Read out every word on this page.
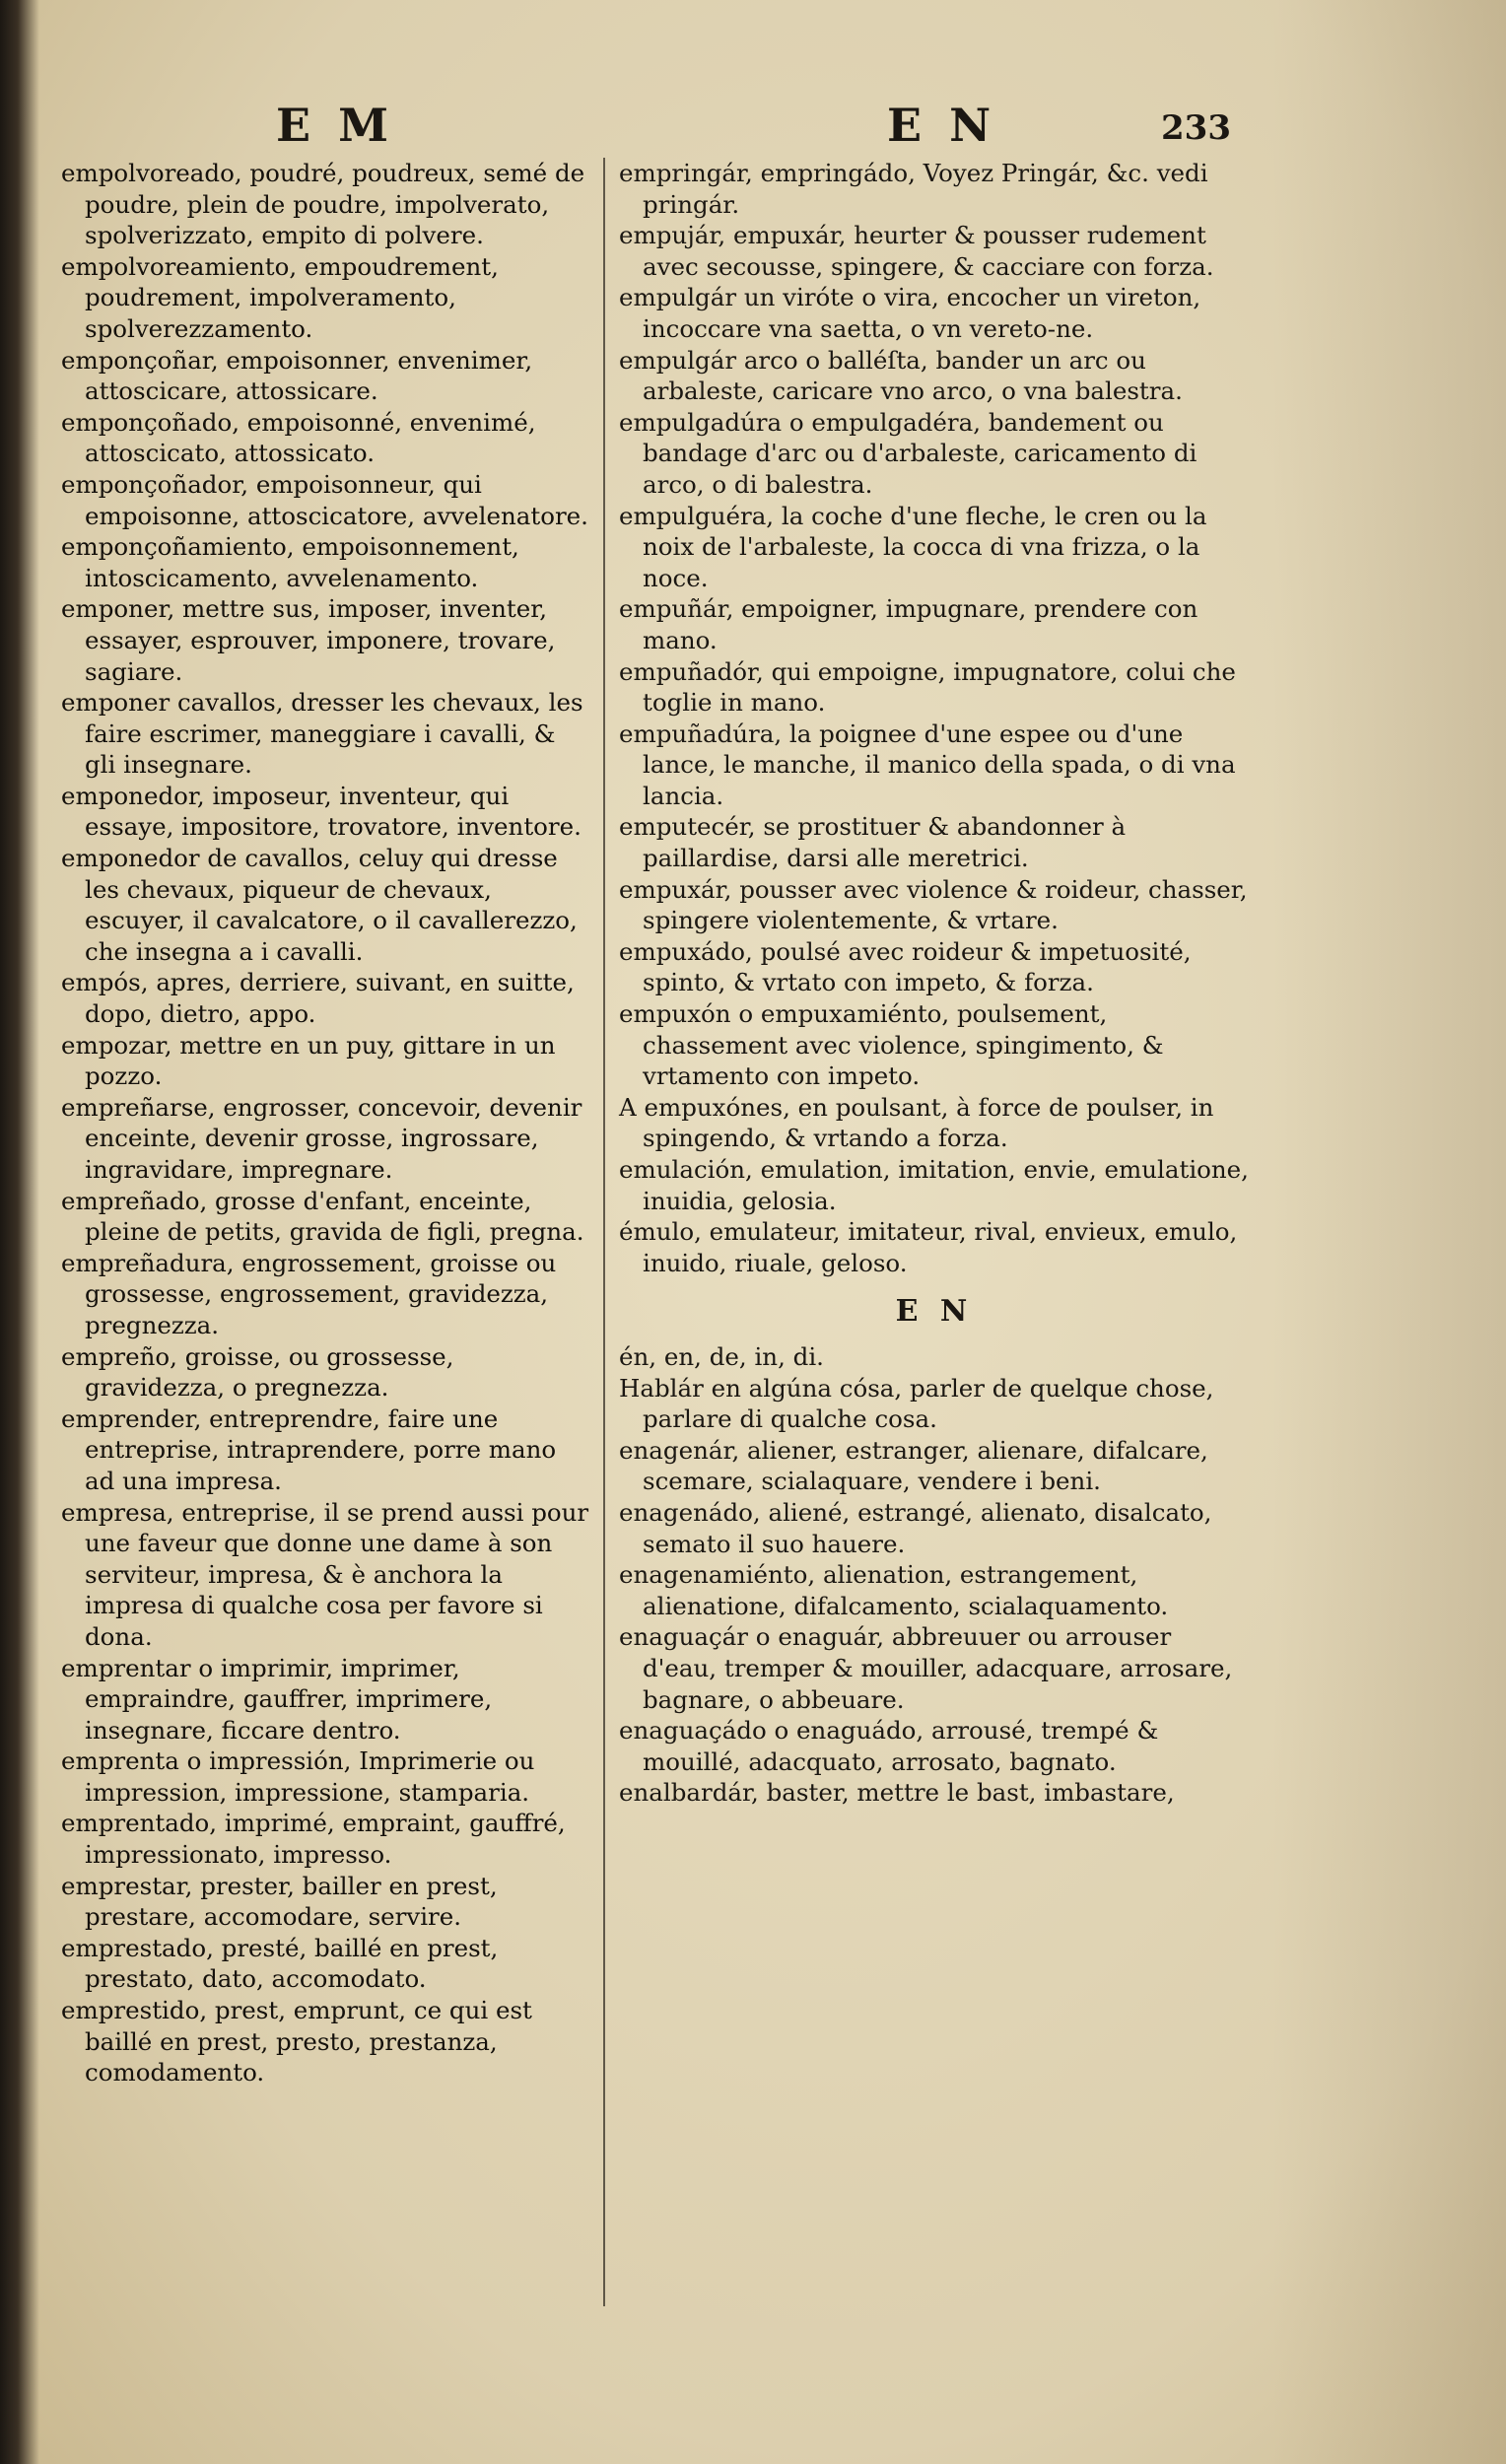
E M	E N	233

empolvoreado, poudré, poudreux, semé de poudre, plein de poudre, impolverato, spolverizzato, empito di polvere.

empolvoreamiento, empoudrement, poudrement, impolveramento, spolverezzamento.

emponçoñar, empoisonner, envenimer, attoscicare, attossicare.

emponçoñado, empoisonné, envenimé, attoscicato, attossicato.

emponçoñador, empoisonneur, qui empoisonne, attoscicatore, avvelenatore.

emponçoñamiento, empoisonnement, intoscicamento, avvelenamento.

emponer, mettre sus, imposer, inventer, essayer, esprouver, imponere, trovare, sagiare.

emponer cavallos, dresser les chevaux, les faire escrimer, maneggiare i cavalli, & gli insegnare.

emponedor, imposeur, inventeur, qui essaye, impositore, trovatore, inventore.

emponedor de cavallos, celuy qui dresse les chevaux, piqueur de chevaux, escuyer, il cavalcatore, o il cavallerezzo, che insegna a i cavalli.

empós, apres, derriere, suivant, en suitte, dopo, dietro, appo.

empozar, mettre en un puy, gittare in un pozzo.

empreñarse, engrosser, concevoir, devenir enceinte, devenir grosse, ingrossare, ingravidare, impregnare.

empreñado, grosse d'enfant, enceinte, pleine de petits, gravida de figli, pregna.

empreñadura, engrossement, groisse ou grossesse, engrossement, gravidezza, pregnezza.

empreño, groisse, ou grossesse, gravidezza, o pregnezza.

emprender, entreprendre, faire une entreprise, intraprendere, porre mano ad una impresa.

empresa, entreprise, il se prend aussi pour une faveur que donne une dame à son serviteur, impresa, & è anchora la impresa di qualche cosa per favore si dona.

emprentar o imprimir, imprimer, empraindre, gauffrer, imprimere, insegnare, ficcare dentro.

emprenta o impressión, Imprimerie ou impression, impressione, stamparia.

emprentado, imprimé, empraint, gauffré, impressionato, impresso.

emprestar, prester, bailler en prest, prestare, accomodare, servire.

emprestado, presté, baillé en prest, prestato, dato, accomodato.

emprestido, prest, emprunt, ce qui est baillé en prest, presto, prestanza, comodamento.

empringár, empringádo, Voyez Pringár, &c. vedi pringár.

empujár, empuxár, heurter & pousser rudement avec secousse, spingere, & cacciare con forza.

empulgár un viróte o vira, encocher un vireton, incoccare vna saetta, o vn vereto-ne.

empulgár arco o balléſta, bander un arc ou arbaleste, caricare vno arco, o vna balestra.

empulgadúra o empulgadéra, bandement ou bandage d'arc ou d'arbaleste, caricamento di arco, o di balestra.

empulguéra, la coche d'une fleche, le cren ou la noix de l'arbaleste, la cocca di vna frizza, o la noce.

empuñár, empoigner, impugnare, prendere con mano.

empuñadór, qui empoigne, impugnatore, colui che toglie in mano.

empuñadúra, la poignee d'une espee ou d'une lance, le manche, il manico della spada, o di vna lancia.

emputecér, se prostituer & abandonner à paillardise, darsi alle meretrici.

empuxár, pousser avec violence & roideur, chasser, spingere violentemente, & vrtare.

empuxádo, poulsé avec roideur & impetuosité, spinto, & vrtato con impeto, & forza.

empuxón o empuxamiénto, poulsement, chassement avec violence, spingimento, & vrtamento con impeto.

A empuxónes, en poulsant, à force de poulser, in spingendo, & vrtando a forza.

emulación, emulation, imitation, envie, emulatione, inuidia, gelosia.

émulo, emulateur, imitateur, rival, envieux, emulo, inuido, riuale, geloso.

E N

én, en, de, in, di.

Hablár en algúna cósa, parler de quelque chose, parlare di qualche cosa.

enagenár, aliener, estranger, alienare, difalcare, scemare, scialaquare, vendere i beni.

enagenádo, aliené, estrangé, alienato, disalcato, semato il suo hauere.

enagenamiénto, alienation, estrangement, alienatione, difalcamento, scialaquamento.

enaguaçár o enaguár, abbreuuer ou arrouser d'eau, tremper & mouiller, adacquare, arrosare, bagnare, o abbeuare.

enaguaçádo o enaguádo, arrousé, trempé & mouillé, adacquato, arrosato, bagnato.

enalbardár, baster, mettre le bast, imbastare,
